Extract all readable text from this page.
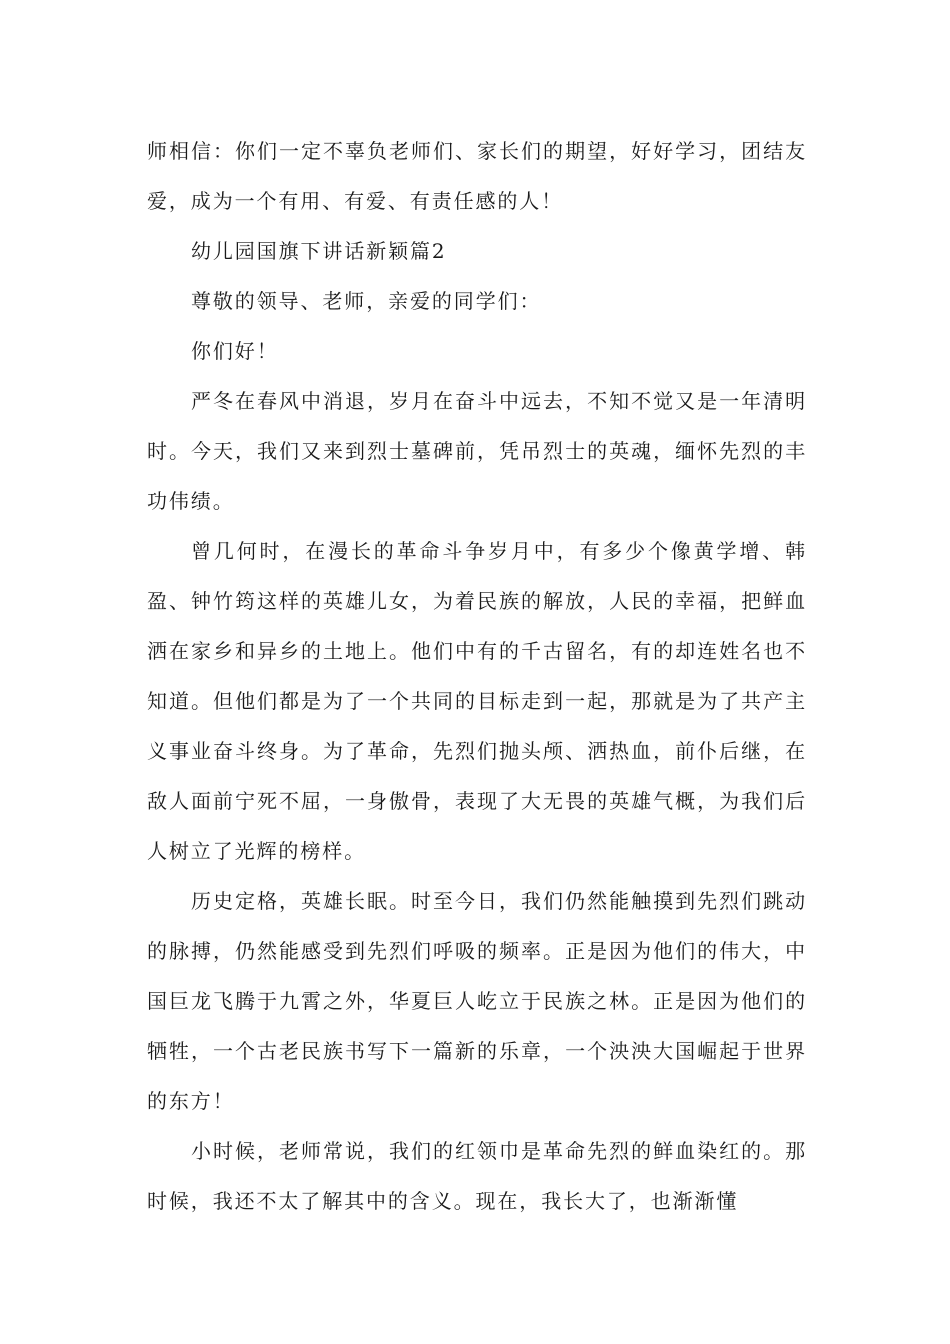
师相信：你们一定不辜负老师们、家长们的期望，好好学习，团结友爱，成为一个有用、有爱、有责任感的人！

幼儿园国旗下讲话新颖篇2

尊敬的领导、老师，亲爱的同学们：

你们好！

严冬在春风中消退，岁月在奋斗中远去，不知不觉又是一年清明时。今天，我们又来到烈士墓碑前，凭吊烈士的英魂，缅怀先烈的丰功伟绩。

曾几何时，在漫长的革命斗争岁月中，有多少个像黄学增、韩盈、钟竹筠这样的英雄儿女，为着民族的解放，人民的幸福，把鲜血洒在家乡和异乡的土地上。他们中有的千古留名，有的却连姓名也不知道。但他们都是为了一个共同的目标走到一起，那就是为了共产主义事业奋斗终身。为了革命，先烈们抛头颅、洒热血，前仆后继，在敌人面前宁死不屈，一身傲骨，表现了大无畏的英雄气概，为我们后人树立了光辉的榜样。

历史定格，英雄长眠。时至今日，我们仍然能触摸到先烈们跳动的脉搏，仍然能感受到先烈们呼吸的频率。正是因为他们的伟大，中国巨龙飞腾于九霄之外，华夏巨人屹立于民族之林。正是因为他们的牺牲，一个古老民族书写下一篇新的乐章，一个泱泱大国崛起于世界的东方！

小时候，老师常说，我们的红领巾是革命先烈的鲜血染红的。那时候，我还不太了解其中的含义。现在，我长大了，也渐渐懂
